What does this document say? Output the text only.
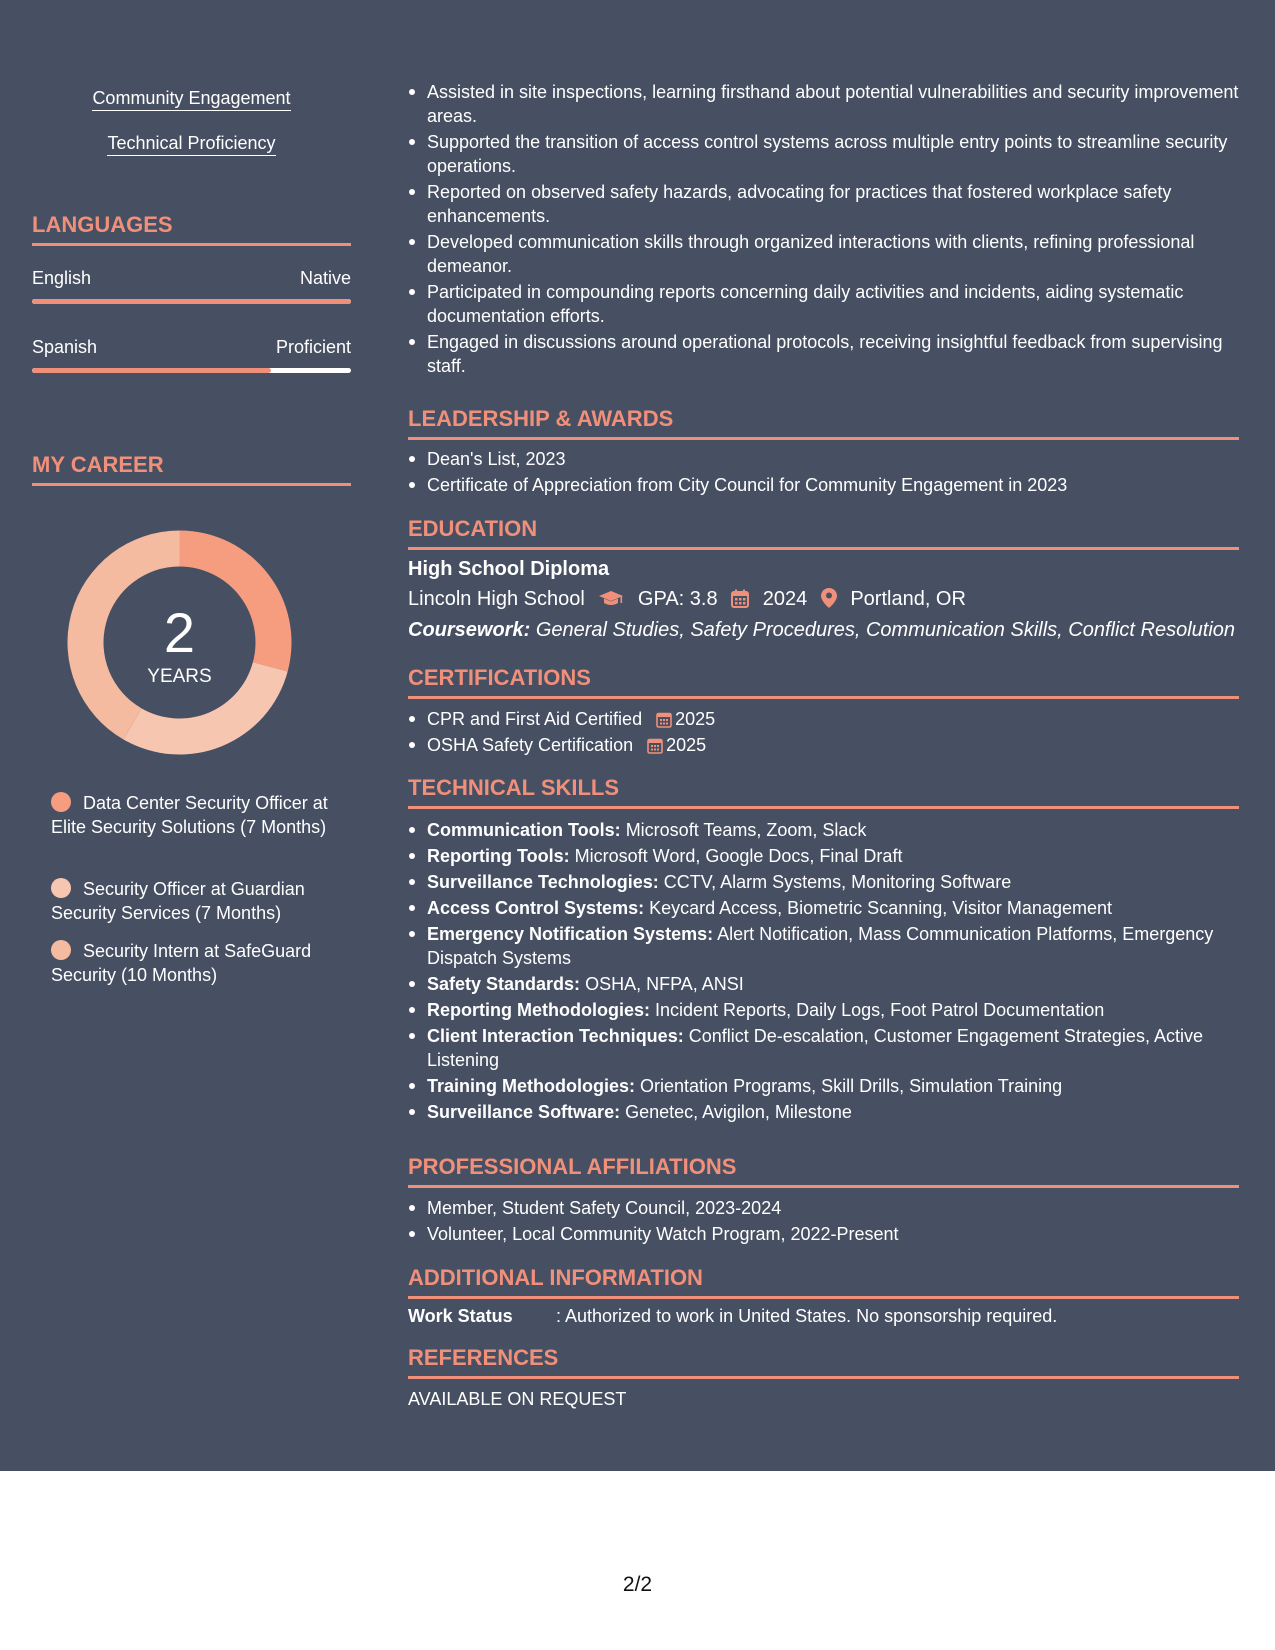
Community Engagement
Technical Proficiency
LANGUAGES
English	Native
Spanish	Proficient
MY CAREER
2
YEARS
Data Center Security Officer at Elite Security Solutions (7 Months)
Security Officer at Guardian Security Services (7 Months)
Security Intern at SafeGuard Security (10 Months)
Assisted in site inspections, learning firsthand about potential vulnerabilities and security improvement areas.
Supported the transition of access control systems across multiple entry points to streamline security operations.
Reported on observed safety hazards, advocating for practices that fostered workplace safety enhancements.
Developed communication skills through organized interactions with clients, refining professional demeanor.
Participated in compounding reports concerning daily activities and incidents, aiding systematic documentation efforts.
Engaged in discussions around operational protocols, receiving insightful feedback from supervising staff.
LEADERSHIP & AWARDS
Dean's List, 2023
Certificate of Appreciation from City Council for Community Engagement in 2023
EDUCATION
High School Diploma
Lincoln High School	GPA: 3.8 2024 Portland, OR
Coursework: General Studies, Safety Procedures, Communication Skills, Conflict Resolution
CERTIFICATIONS
CPR and First Aid Certified 2025
OSHA Safety Certification 2025
TECHNICAL SKILLS
Communication Tools: Microsoft Teams, Zoom, Slack
Reporting Tools: Microsoft Word, Google Docs, Final Draft
Surveillance Technologies: CCTV, Alarm Systems, Monitoring Software
Access Control Systems: Keycard Access, Biometric Scanning, Visitor Management
Emergency Notification Systems: Alert Notification, Mass Communication Platforms, Emergency Dispatch Systems
Safety Standards: OSHA, NFPA, ANSI
Reporting Methodologies: Incident Reports, Daily Logs, Foot Patrol Documentation
Client Interaction Techniques: Conflict De-escalation, Customer Engagement Strategies, Active Listening
Training Methodologies: Orientation Programs, Skill Drills, Simulation Training
Surveillance Software: Genetec, Avigilon, Milestone
PROFESSIONAL AFFILIATIONS
Member, Student Safety Council, 2023-2024
Volunteer, Local Community Watch Program, 2022-Present
ADDITIONAL INFORMATION
Work Status : Authorized to work in United States. No sponsorship required.
REFERENCES
AVAILABLE ON REQUEST
2/2
